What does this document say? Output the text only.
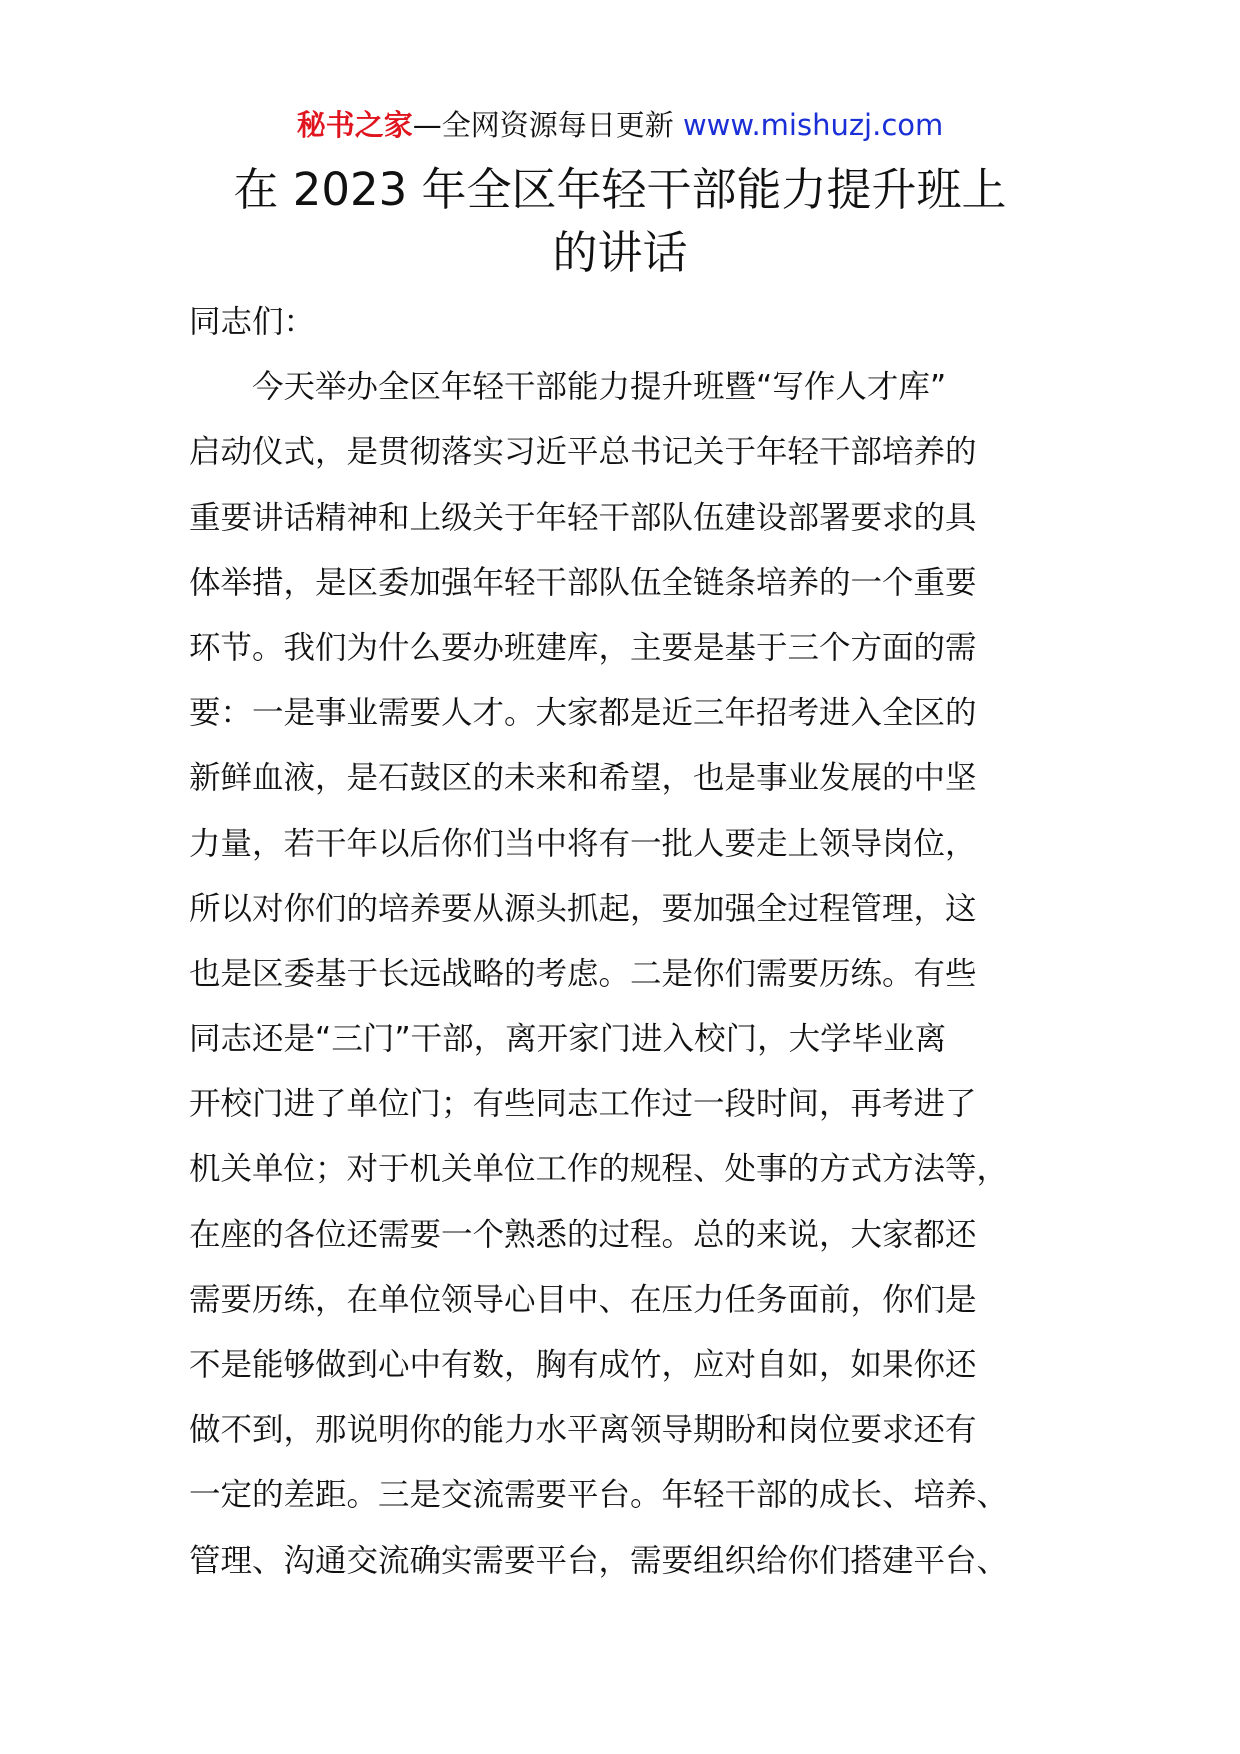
秘书之家—全网资源每日更新 www.mishuzj.com
在 2023 年全区年轻干部能力提升班上
的讲话
同志们：
　　今天举办全区年轻干部能力提升班暨“写作人才库”
启动仪式，是贯彻落实习近平总书记关于年轻干部培养的
重要讲话精神和上级关于年轻干部队伍建设部署要求的具
体举措，是区委加强年轻干部队伍全链条培养的一个重要
环节。我们为什么要办班建库，主要是基于三个方面的需
要：一是事业需要人才。大家都是近三年招考进入全区的
新鲜血液，是石鼓区的未来和希望，也是事业发展的中坚
力量，若干年以后你们当中将有一批人要走上领导岗位，
所以对你们的培养要从源头抓起，要加强全过程管理，这
也是区委基于长远战略的考虑。二是你们需要历练。有些
同志还是“三门”干部，离开家门进入校门，大学毕业离
开校门进了单位门；有些同志工作过一段时间，再考进了
机关单位；对于机关单位工作的规程、处事的方式方法等，
在座的各位还需要一个熟悉的过程。总的来说，大家都还
需要历练，在单位领导心目中、在压力任务面前，你们是
不是能够做到心中有数，胸有成竹，应对自如，如果你还
做不到，那说明你的能力水平离领导期盼和岗位要求还有
一定的差距。三是交流需要平台。年轻干部的成长、培养、
管理、沟通交流确实需要平台，需要组织给你们搭建平台、
